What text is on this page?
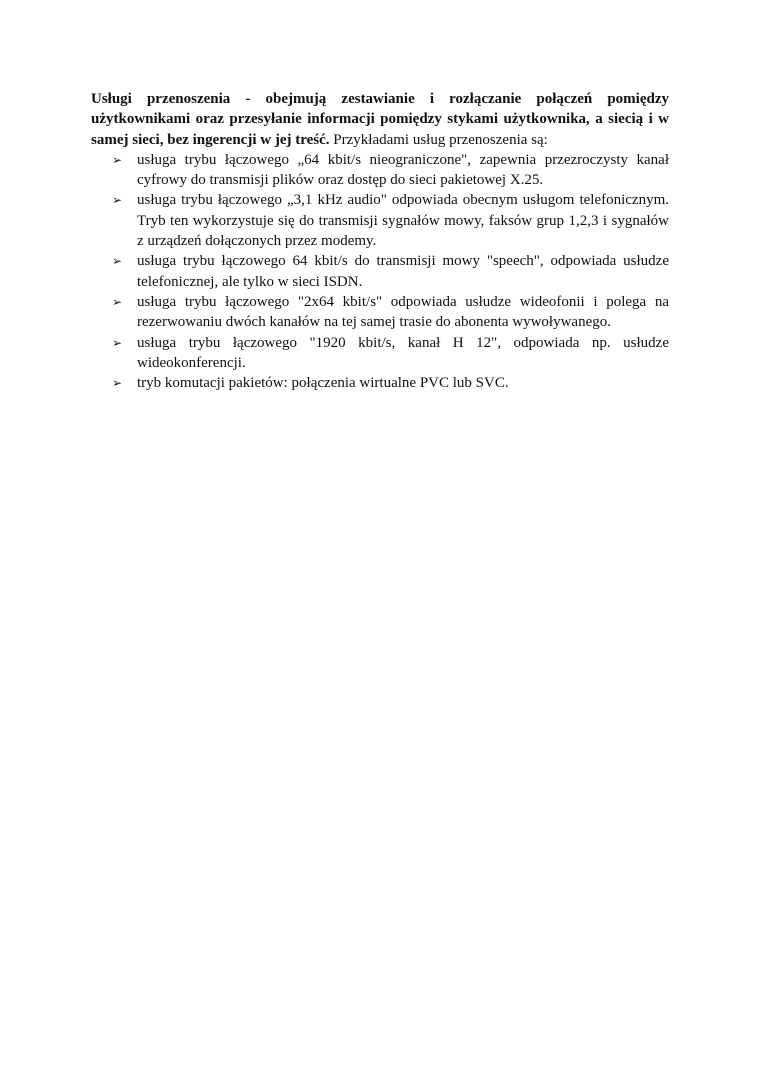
Usługi przenoszenia - obejmują zestawianie i rozłączanie połączeń pomiędzy użytkownikami oraz przesyłanie informacji pomiędzy stykami użytkownika, a siecią i w samej sieci, bez ingerencji w jej treść. Przykładami usług przenoszenia są:

➢ usługa trybu łączowego „64 kbit/s nieograniczone", zapewnia przezroczysty kanał cyfrowy do transmisji plików oraz dostęp do sieci pakietowej X.25.
➢ usługa trybu łączowego „3,1 kHz audio" odpowiada obecnym usługom telefonicznym. Tryb ten wykorzystuje się do transmisji sygnałów mowy, faksów grup 1,2,3 i sygnałów z urządzeń dołączonych przez modemy.
➢ usługa trybu łączowego 64 kbit/s do transmisji mowy "speech", odpowiada usłudze telefonicznej, ale tylko w sieci ISDN.
➢ usługa trybu łączowego "2x64 kbit/s" odpowiada usłudze wideofonii i polega na rezerwowaniu dwóch kanałów na tej samej trasie do abonenta wywoływanego.
➢ usługa trybu łączowego "1920 kbit/s, kanał H 12", odpowiada np. usłudze wideokonferencji.
➢ tryb komutacji pakietów: połączenia wirtualne PVC lub SVC.
